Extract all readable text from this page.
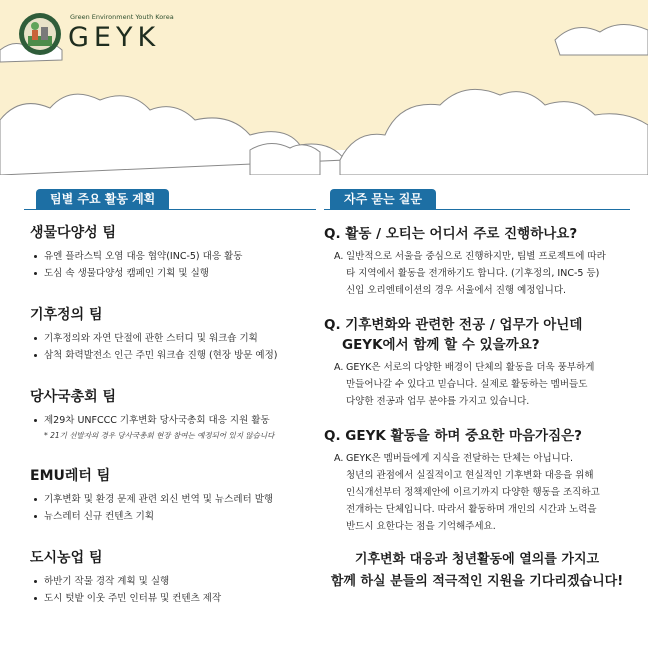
Green Environment Youth Korea
GEYK
팀별 주요 활동 계획
생물다양성 팀
유엔 플라스틱 오염 대응 협약(INC-5) 대응 활동
도심 속 생물다양성 캠페인 기획 및 실행
기후정의 팀
기후정의와 자연 단절에 관한 스터디 및 워크숍 기획
삼척 화력발전소 인근 주민 워크숍 진행 (현장 방문 예정)
당사국총회 팀
제29차 UNFCCC 기후변화 당사국총회 대응 지원 활동
* 21기 선발자의 경우 당사국총회 현장 참여는 예정되어 있지 않습니다
EMU레터 팀
기후변화 및 환경 문제 관련 외신 번역 및 뉴스레터 발행
뉴스레터 신규 컨텐츠 기획
도시농업 팀
하반기 작물 경작 계획 및 실행
도시 텃밭 이웃 주민 인터뷰 및 컨텐츠 제작
자주 묻는 질문
Q. 활동 / 오티는 어디서 주로 진행하나요?
A. 일반적으로 서울을 중심으로 진행하지만, 팀별 프로젝트에 따라
타 지역에서 활동을 전개하기도 합니다. (기후정의, INC-5 등)
신입 오리엔테이션의 경우 서울에서 진행 예정입니다.
Q. 기후변화와 관련한 전공 / 업무가 아닌데
GEYK에서 함께 할 수 있을까요?
A. GEYK은 서로의 다양한 배경이 단체의 활동을 더욱 풍부하게
만들어나갈 수 있다고 믿습니다. 실제로 활동하는 멤버들도
다양한 전공과 업무 분야를 가지고 있습니다.
Q. GEYK 활동을 하며 중요한 마음가짐은?
A. GEYK은 멤버들에게 지식을 전달하는 단체는 아닙니다.
청년의 관점에서 실질적이고 현실적인 기후변화 대응을 위해
인식개선부터 정책제안에 이르기까지 다양한 행동을 조직하고
전개하는 단체입니다. 따라서 활동하며 개인의 시간과 노력을
반드시 요한다는 점을 기억해주세요.
기후변화 대응과 청년활동에 열의를 가지고
함께 하실 분들의 적극적인 지원을 기다리겠습니다!
